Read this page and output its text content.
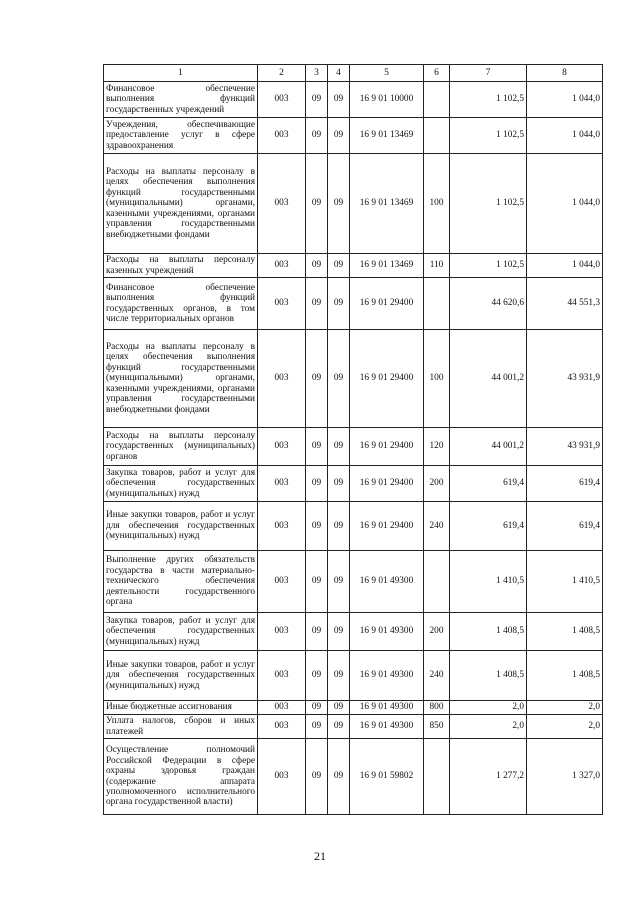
1	2	3	4	5	6	7	8
Финансовое обеспечение выполнения функций государственных учреждений	003	09	09	16 9 01 10000		1 102,5	1 044,0
Учреждения, обеспечивающие предоставление услуг в сфере здравоохранения	003	09	09	16 9 01 13469		1 102,5	1 044,0
Расходы на выплаты персоналу в целях обеспечения выполнения функций государственными (муниципальными) органами, казенными учреждениями, органами управления государственными внебюджетными фондами	003	09	09	16 9 01 13469	100	1 102,5	1 044,0
Расходы на выплаты персоналу казенных учреждений	003	09	09	16 9 01 13469	110	1 102,5	1 044,0
Финансовое обеспечение выполнения функций государственных органов, в том числе территориальных органов	003	09	09	16 9 01 29400		44 620,6	44 551,3
Расходы на выплаты персоналу в целях обеспечения выполнения функций государственными (муниципальными) органами, казенными учреждениями, органами управления государственными внебюджетными фондами	003	09	09	16 9 01 29400	100	44 001,2	43 931,9
Расходы на выплаты персоналу государственных (муниципальных) органов	003	09	09	16 9 01 29400	120	44 001,2	43 931,9
Закупка товаров, работ и услуг для обеспечения государственных (муниципальных) нужд	003	09	09	16 9 01 29400	200	619,4	619,4
Иные закупки товаров, работ и услуг для обеспечения государственных (муниципальных) нужд	003	09	09	16 9 01 29400	240	619,4	619,4
Выполнение других обязательств государства в части материально-технического обеспечения деятельности государственного органа	003	09	09	16 9 01 49300		1 410,5	1 410,5
Закупка товаров, работ и услуг для обеспечения государственных (муниципальных) нужд	003	09	09	16 9 01 49300	200	1 408,5	1 408,5
Иные закупки товаров, работ и услуг для обеспечения государственных (муниципальных) нужд	003	09	09	16 9 01 49300	240	1 408,5	1 408,5
Иные бюджетные ассигнования	003	09	09	16 9 01 49300	800	2,0	2,0
Уплата налогов, сборов и иных платежей	003	09	09	16 9 01 49300	850	2,0	2,0
Осуществление полномочий Российской Федерации в сфере охраны здоровья граждан (содержание аппарата уполномоченного исполнительного органа государственной власти)	003	09	09	16 9 01 59802		1 277,2	1 327,0
21
